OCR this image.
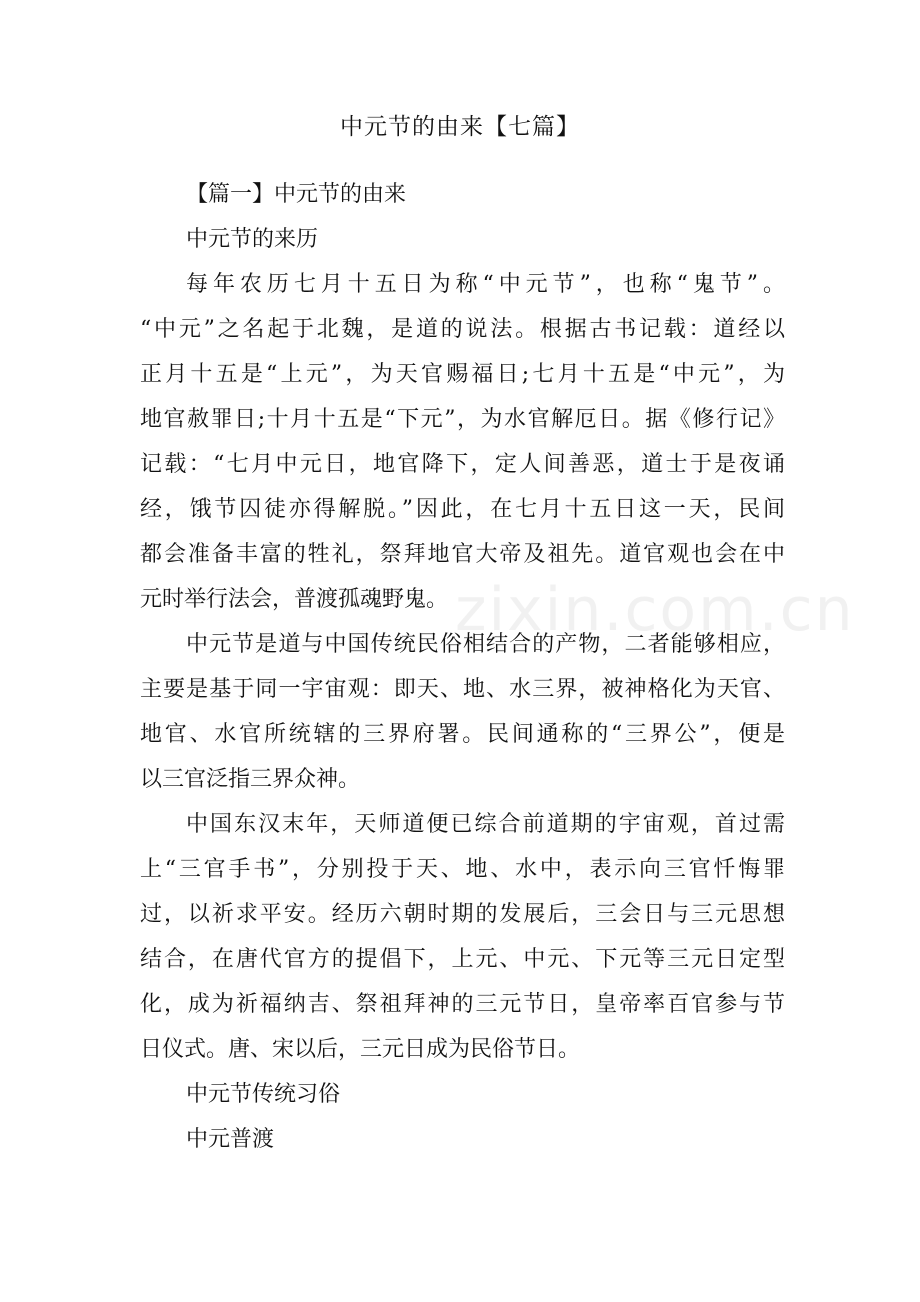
中元节的由来【七篇】

【篇一】中元节的由来

中元节的来历

每年农历七月十五日为称“中元节”，也称“鬼节”。

“中元”之名起于北魏，是道的说法。根据古书记载：道经以

正月十五是“上元”，为天官赐福日;七月十五是“中元”，为

地官赦罪日;十月十五是“下元”，为水官解厄日。据《修行记》

记载：“七月中元日，地官降下，定人间善恶，道士于是夜诵

经，饿节囚徒亦得解脱。”因此，在七月十五日这一天，民间

都会准备丰富的牲礼，祭拜地官大帝及祖先。道官观也会在中

元时举行法会，普渡孤魂野鬼。

中元节是道与中国传统民俗相结合的产物，二者能够相应，

主要是基于同一宇宙观：即天、地、水三界，被神格化为天官、

地官、水官所统辖的三界府署。民间通称的“三界公”，便是

以三官泛指三界众神。

中国东汉末年，天师道便已综合前道期的宇宙观，首过需

上“三官手书”，分别投于天、地、水中，表示向三官忏悔罪

过，以祈求平安。经历六朝时期的发展后，三会日与三元思想

结合，在唐代官方的提倡下，上元、中元、下元等三元日定型

化，成为祈福纳吉、祭祖拜神的三元节日，皇帝率百官参与节

日仪式。唐、宋以后，三元日成为民俗节日。

中元节传统习俗

中元普渡

zixin.com.cn
